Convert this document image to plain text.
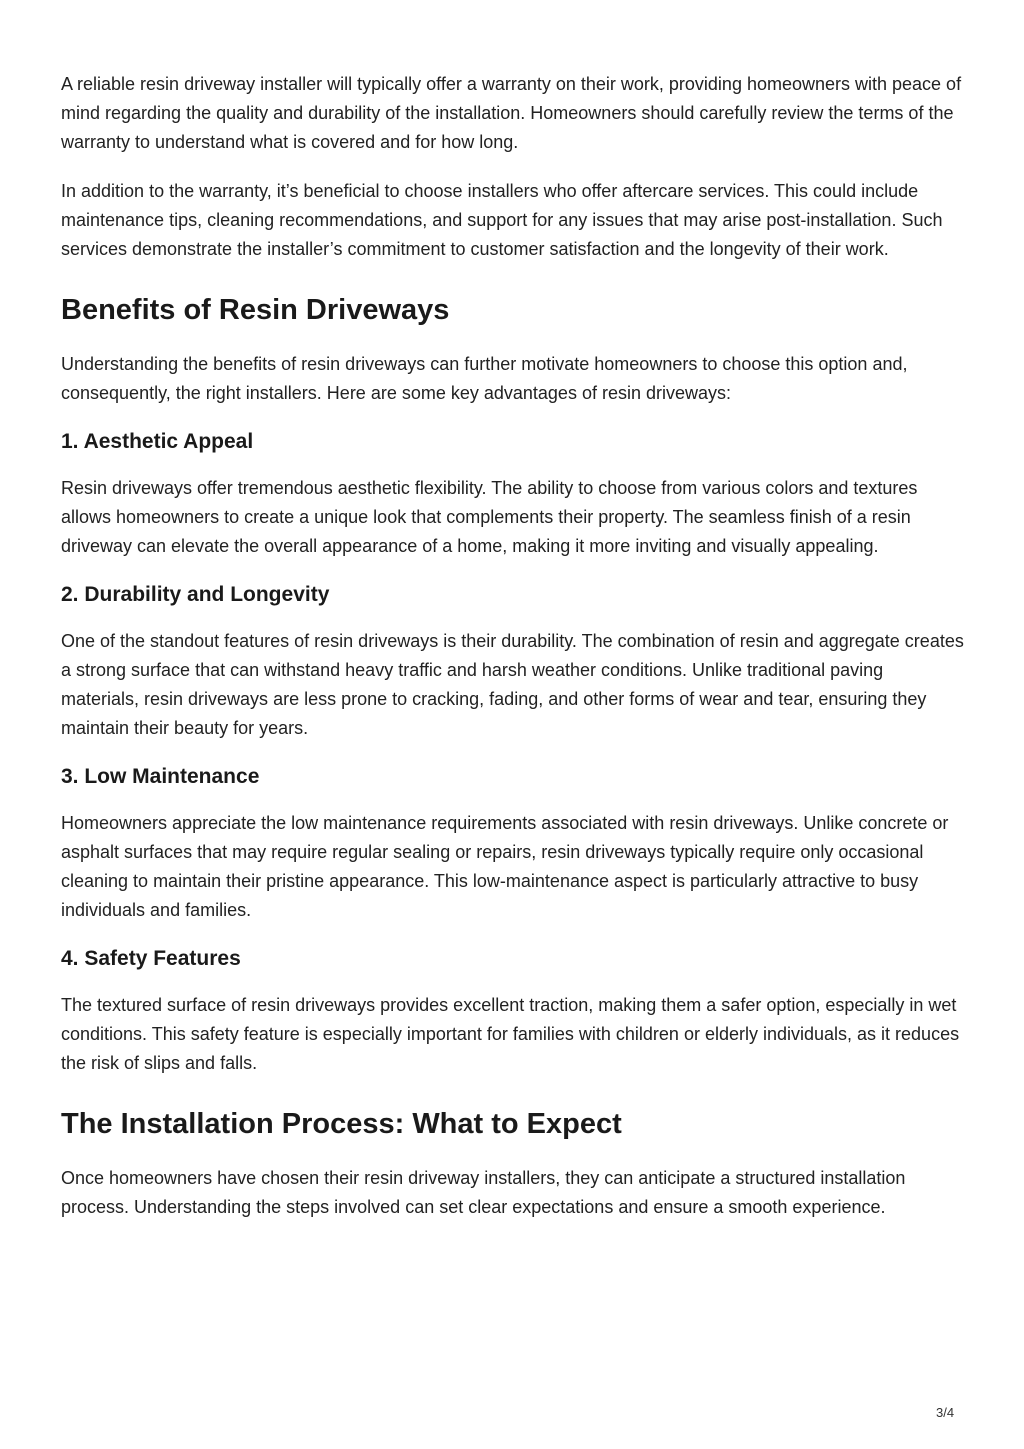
A reliable resin driveway installer will typically offer a warranty on their work, providing homeowners with peace of mind regarding the quality and durability of the installation. Homeowners should carefully review the terms of the warranty to understand what is covered and for how long.

In addition to the warranty, it’s beneficial to choose installers who offer aftercare services. This could include maintenance tips, cleaning recommendations, and support for any issues that may arise post-installation. Such services demonstrate the installer’s commitment to customer satisfaction and the longevity of their work.

Benefits of Resin Driveways

Understanding the benefits of resin driveways can further motivate homeowners to choose this option and, consequently, the right installers. Here are some key advantages of resin driveways:

1. Aesthetic Appeal

Resin driveways offer tremendous aesthetic flexibility. The ability to choose from various colors and textures allows homeowners to create a unique look that complements their property. The seamless finish of a resin driveway can elevate the overall appearance of a home, making it more inviting and visually appealing.

2. Durability and Longevity

One of the standout features of resin driveways is their durability. The combination of resin and aggregate creates a strong surface that can withstand heavy traffic and harsh weather conditions. Unlike traditional paving materials, resin driveways are less prone to cracking, fading, and other forms of wear and tear, ensuring they maintain their beauty for years.

3. Low Maintenance

Homeowners appreciate the low maintenance requirements associated with resin driveways. Unlike concrete or asphalt surfaces that may require regular sealing or repairs, resin driveways typically require only occasional cleaning to maintain their pristine appearance. This low-maintenance aspect is particularly attractive to busy individuals and families.

4. Safety Features

The textured surface of resin driveways provides excellent traction, making them a safer option, especially in wet conditions. This safety feature is especially important for families with children or elderly individuals, as it reduces the risk of slips and falls.

The Installation Process: What to Expect

Once homeowners have chosen their resin driveway installers, they can anticipate a structured installation process. Understanding the steps involved can set clear expectations and ensure a smooth experience.

3/4
